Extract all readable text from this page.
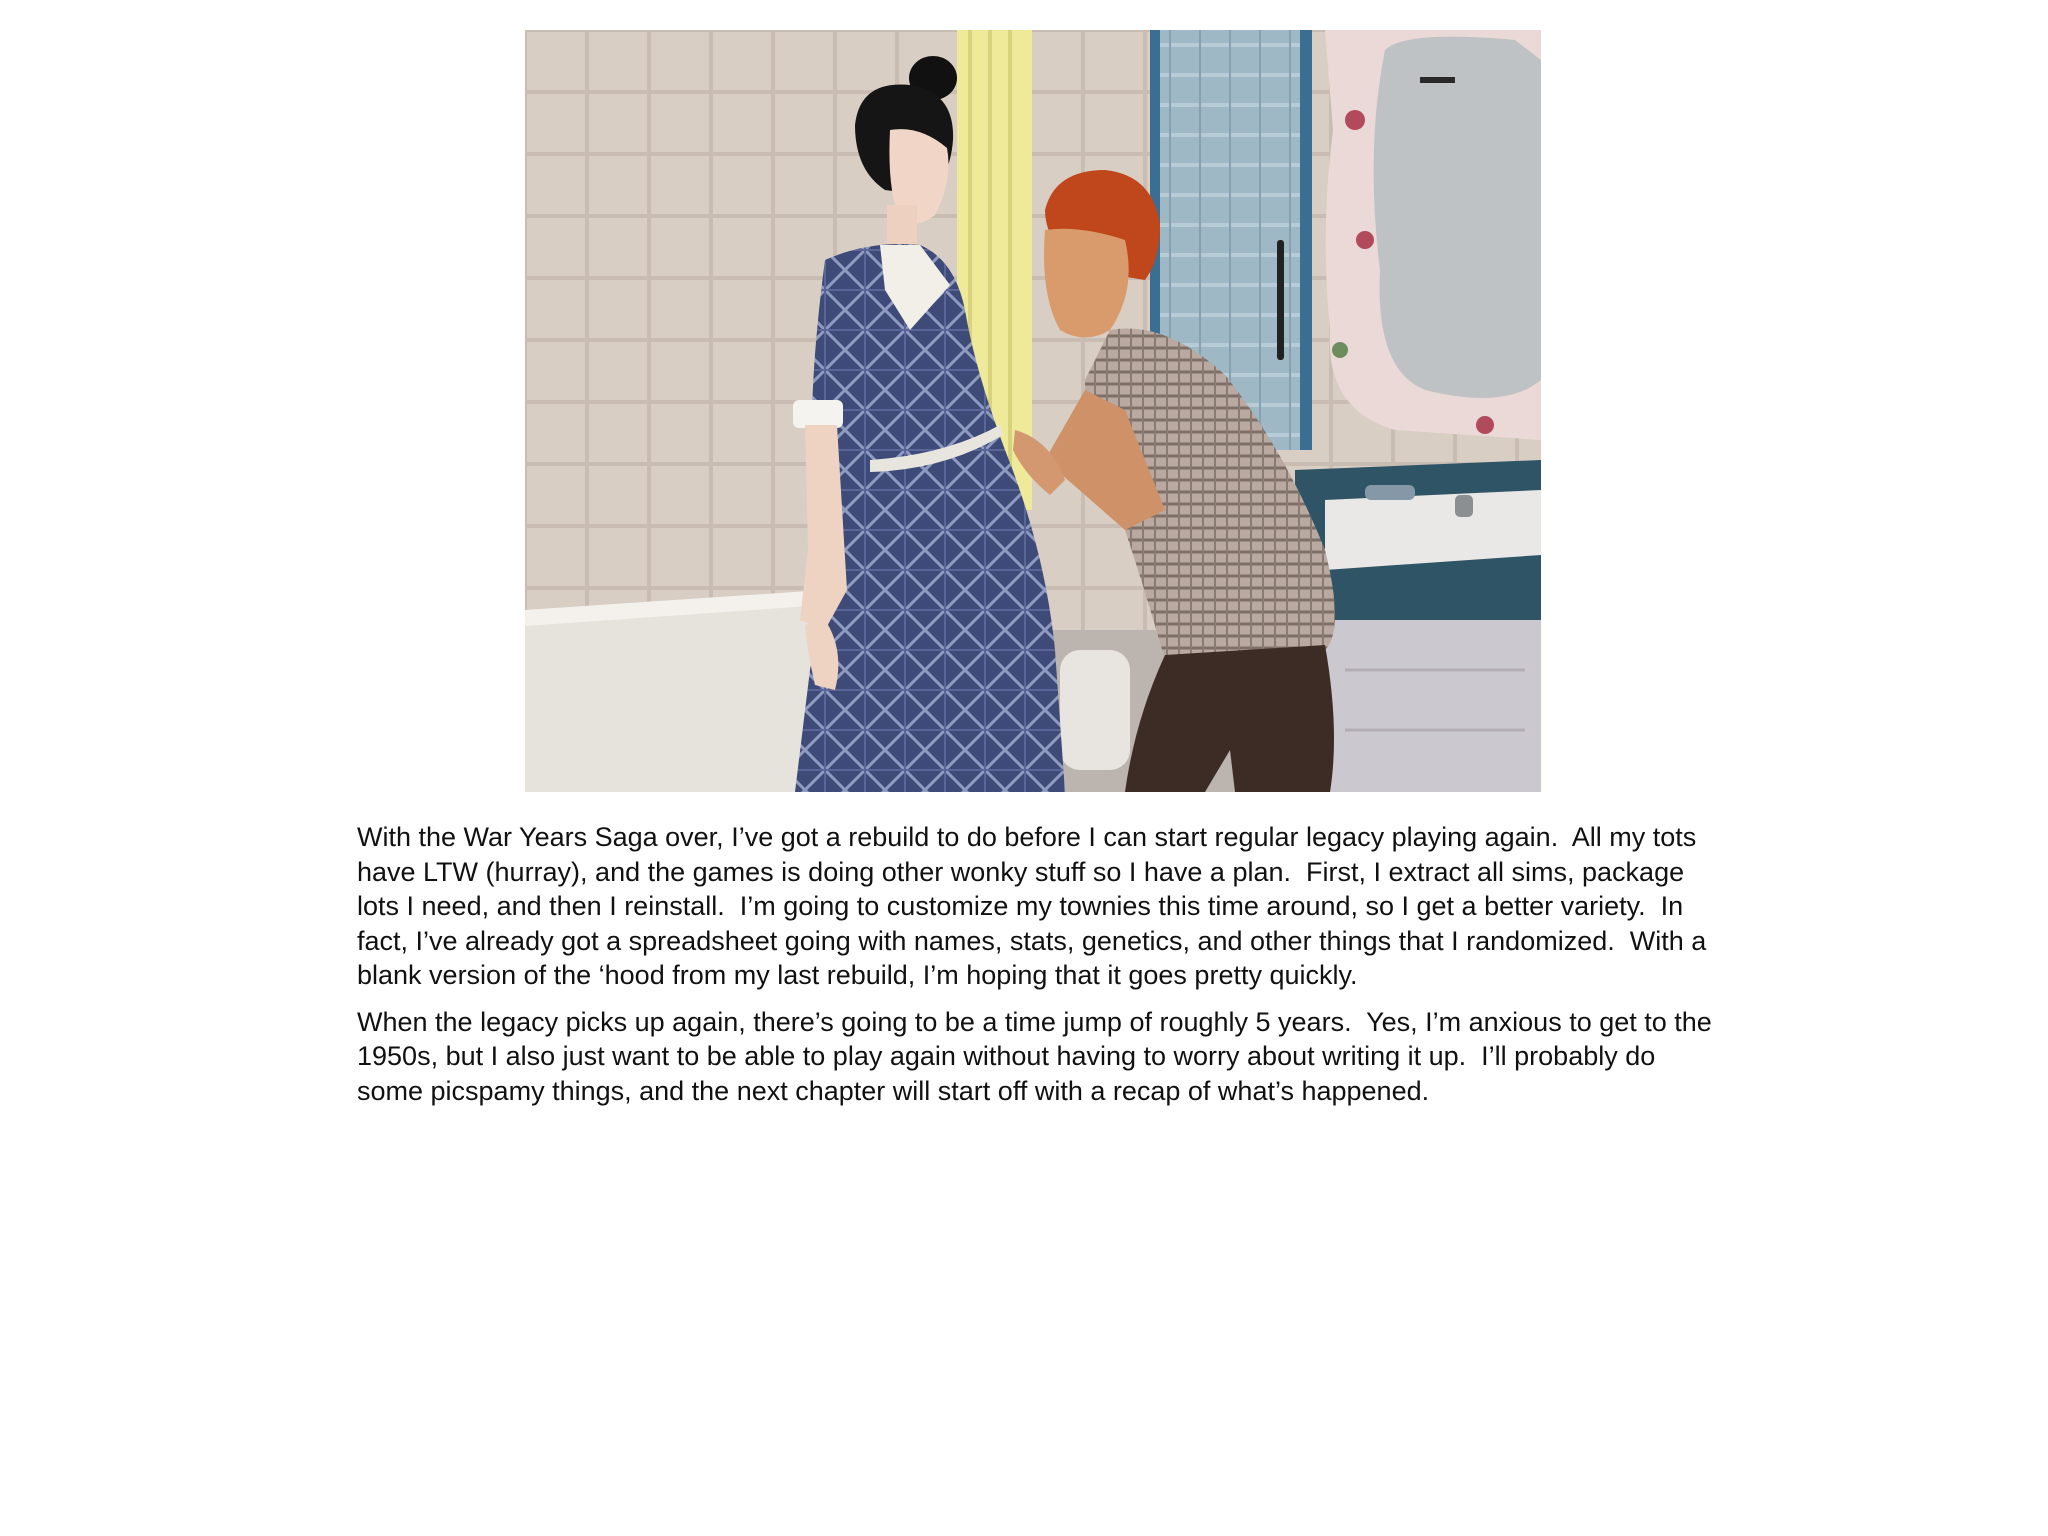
With the War Years Saga over, I’ve got a rebuild to do before I can start regular legacy playing again.  All my tots have LTW (hurray), and the games is doing other wonky stuff so I have a plan.  First, I extract all sims, package lots I need, and then I reinstall.  I’m going to customize my townies this time around, so I get a better variety.  In fact, I’ve already got a spreadsheet going with names, stats, genetics, and other things that I randomized.  With a blank version of the ‘hood from my last rebuild, I’m hoping that it goes pretty quickly.

When the legacy picks up again, there’s going to be a time jump of roughly 5 years.  Yes, I’m anxious to get to the 1950s, but I also just want to be able to play again without having to worry about writing it up.  I’ll probably do some picspamy things, and the next chapter will start off with a recap of what’s happened.
